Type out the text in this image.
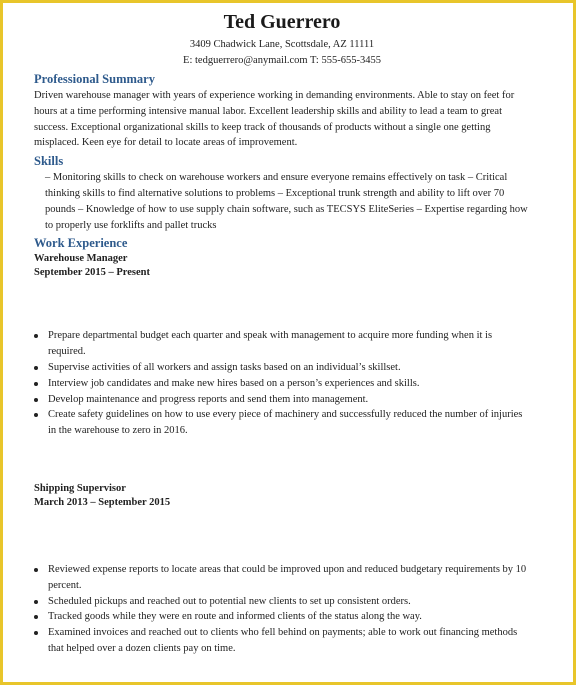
Ted Guerrero
3409 Chadwick Lane, Scottsdale, AZ 11111
E: tedguerrero@anymail.com T: 555-655-3455
Professional Summary
Driven warehouse manager with years of experience working in demanding environments. Able to stay on feet for hours at a time performing intensive manual labor. Excellent leadership skills and ability to lead a team to great success. Exceptional organizational skills to keep track of thousands of products without a single one getting misplaced. Keen eye for detail to locate areas of improvement.
Skills
– Monitoring skills to check on warehouse workers and ensure everyone remains effectively on task – Critical thinking skills to find alternative solutions to problems – Exceptional trunk strength and ability to lift over 70 pounds – Knowledge of how to use supply chain software, such as TECSYS EliteSeries – Expertise regarding how to properly use forklifts and pallet trucks
Work Experience
Warehouse Manager
September 2015 – Present
Prepare departmental budget each quarter and speak with management to acquire more funding when it is required.
Supervise activities of all workers and assign tasks based on an individual’s skillset.
Interview job candidates and make new hires based on a person’s experiences and skills.
Develop maintenance and progress reports and send them into management.
Create safety guidelines on how to use every piece of machinery and successfully reduced the number of injuries in the warehouse to zero in 2016.
Shipping Supervisor
March 2013 – September 2015
Reviewed expense reports to locate areas that could be improved upon and reduced budgetary requirements by 10 percent.
Scheduled pickups and reached out to potential new clients to set up consistent orders.
Tracked goods while they were en route and informed clients of the status along the way.
Examined invoices and reached out to clients who fell behind on payments; able to work out financing methods that helped over a dozen clients pay on time.
